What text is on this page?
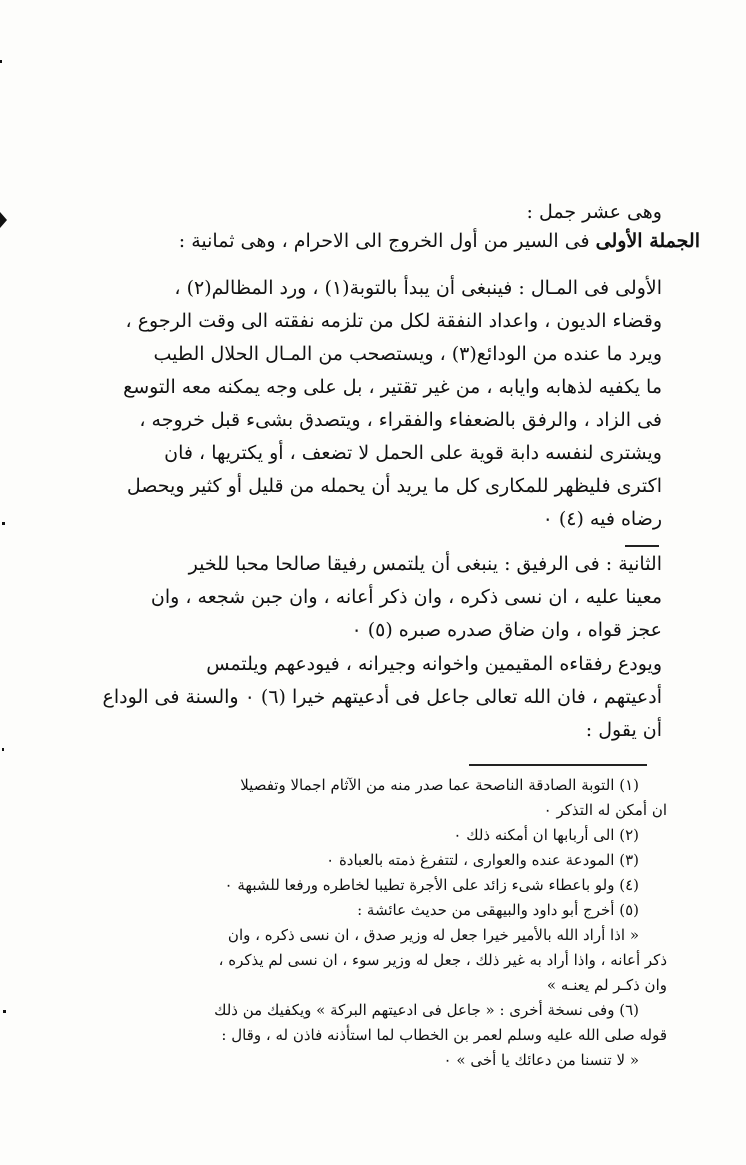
وهى عشر جمل :
الجملة الأولى فى السير من أول الخروج الى الاحرام ، وهى ثمانية :
الأولى فى المـال : فينبغى أن يبدأ بالتوبة(١) ، ورد المظالم(٢) ،
وقضاء الديون ، واعداد النفقة لكل من تلزمه نفقته الى وقت الرجوع ،
ويرد ما عنده من الودائع(٣) ، ويستصحب من المـال الحلال الطيب
ما يكفيه لذهابه وايابه ، من غير تقتير ، بل على وجه يمكنه معه التوسع
فى الزاد ، والرفق بالضعفاء والفقراء ، ويتصدق بشىء قبل خروجه ،
ويشترى لنفسه دابة قوية على الحمل لا تضعف ، أو يكتريها ، فان
اكترى فليظهر للمكارى كل ما يريد أن يحمله من قليل أو كثير ويحصل
رضاه فيه (٤) ٠
الثانية : فى الرفيق : ينبغى أن يلتمس رفيقا صالحا محبا للخير
معينا عليه ، ان نسى ذكره ، وان ذكر أعانه ، وان جبن شجعه ، وان
عجز قواه ، وان ضاق صدره صبره (٥) ٠
ويودع رفقاءه المقيمين واخوانه وجيرانه ، فيودعهم ويلتمس
أدعيتهم ، فان الله تعالى جاعل فى أدعيتهم خيرا (٦) ٠ والسنة فى الوداع
أن يقول :
(١) التوبة الصادقة الناصحة عما صدر منه من الآثام اجمالا وتفصيلا
ان أمكن له التذكر ٠
(٢) الى أربابها ان أمكنه ذلك ٠
(٣) المودعة عنده والعوارى ، لتتفرغ ذمته بالعبادة ٠
(٤) ولو باعطاء شىء زائد على الأجرة تطيبا لخاطره ورفعا للشبهة ٠
(٥) أخرج أبو داود والبيهقى من حديث عائشة :
« اذا أراد الله بالأمير خيرا جعل له وزير صدق ، ان نسى ذكره ، وان
ذكر أعانه ، واذا أراد به غير ذلك ، جعل له وزير سوء ، ان نسى لم يذكره ،
وان ذكـر لم يعنـه »
(٦) وفى نسخة أخرى : « جاعل فى ادعيتهم البركة » ويكفيك من ذلك
قوله صلى الله عليه وسلم لعمر بن الخطاب لما استأذنه فاذن له ، وقال :
« لا تنسنا من دعائك يا أخى » ٠
